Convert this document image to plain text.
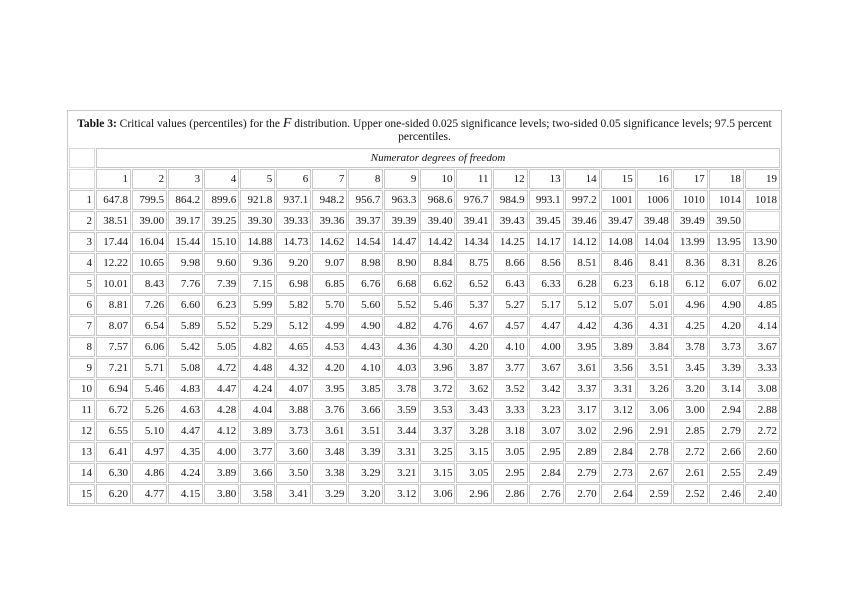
Table 3: Critical values (percentiles) for the F distribution. Upper one-sided 0.025 significance levels; two-sided 0.05 significance levels; 97.5 percent percentiles.
	Numerator degrees of freedom																		
	1	2	3	4	5	6	7	8	9	10	11	12	13	14	15	16	17	18	19
1	647.8	799.5	864.2	899.6	921.8	937.1	948.2	956.7	963.3	968.6	976.7	984.9	993.1	997.2	1001	1006	1010	1014	1018
2	38.51	39.00	39.17	39.25	39.30	39.33	39.36	39.37	39.39	39.40	39.41	39.43	39.45	39.46	39.47	39.48	39.49	39.50	
3	17.44	16.04	15.44	15.10	14.88	14.73	14.62	14.54	14.47	14.42	14.34	14.25	14.17	14.12	14.08	14.04	13.99	13.95	13.90
4	12.22	10.65	9.98	9.60	9.36	9.20	9.07	8.98	8.90	8.84	8.75	8.66	8.56	8.51	8.46	8.41	8.36	8.31	8.26
5	10.01	8.43	7.76	7.39	7.15	6.98	6.85	6.76	6.68	6.62	6.52	6.43	6.33	6.28	6.23	6.18	6.12	6.07	6.02
6	8.81	7.26	6.60	6.23	5.99	5.82	5.70	5.60	5.52	5.46	5.37	5.27	5.17	5.12	5.07	5.01	4.96	4.90	4.85
7	8.07	6.54	5.89	5.52	5.29	5.12	4.99	4.90	4.82	4.76	4.67	4.57	4.47	4.42	4.36	4.31	4.25	4.20	4.14
8	7.57	6.06	5.42	5.05	4.82	4.65	4.53	4.43	4.36	4.30	4.20	4.10	4.00	3.95	3.89	3.84	3.78	3.73	3.67
9	7.21	5.71	5.08	4.72	4.48	4.32	4.20	4.10	4.03	3.96	3.87	3.77	3.67	3.61	3.56	3.51	3.45	3.39	3.33
10	6.94	5.46	4.83	4.47	4.24	4.07	3.95	3.85	3.78	3.72	3.62	3.52	3.42	3.37	3.31	3.26	3.20	3.14	3.08
11	6.72	5.26	4.63	4.28	4.04	3.88	3.76	3.66	3.59	3.53	3.43	3.33	3.23	3.17	3.12	3.06	3.00	2.94	2.88
12	6.55	5.10	4.47	4.12	3.89	3.73	3.61	3.51	3.44	3.37	3.28	3.18	3.07	3.02	2.96	2.91	2.85	2.79	2.72
13	6.41	4.97	4.35	4.00	3.77	3.60	3.48	3.39	3.31	3.25	3.15	3.05	2.95	2.89	2.84	2.78	2.72	2.66	2.60
14	6.30	4.86	4.24	3.89	3.66	3.50	3.38	3.29	3.21	3.15	3.05	2.95	2.84	2.79	2.73	2.67	2.61	2.55	2.49
15	6.20	4.77	4.15	3.80	3.58	3.41	3.29	3.20	3.12	3.06	2.96	2.86	2.76	2.70	2.64	2.59	2.52	2.46	2.40
